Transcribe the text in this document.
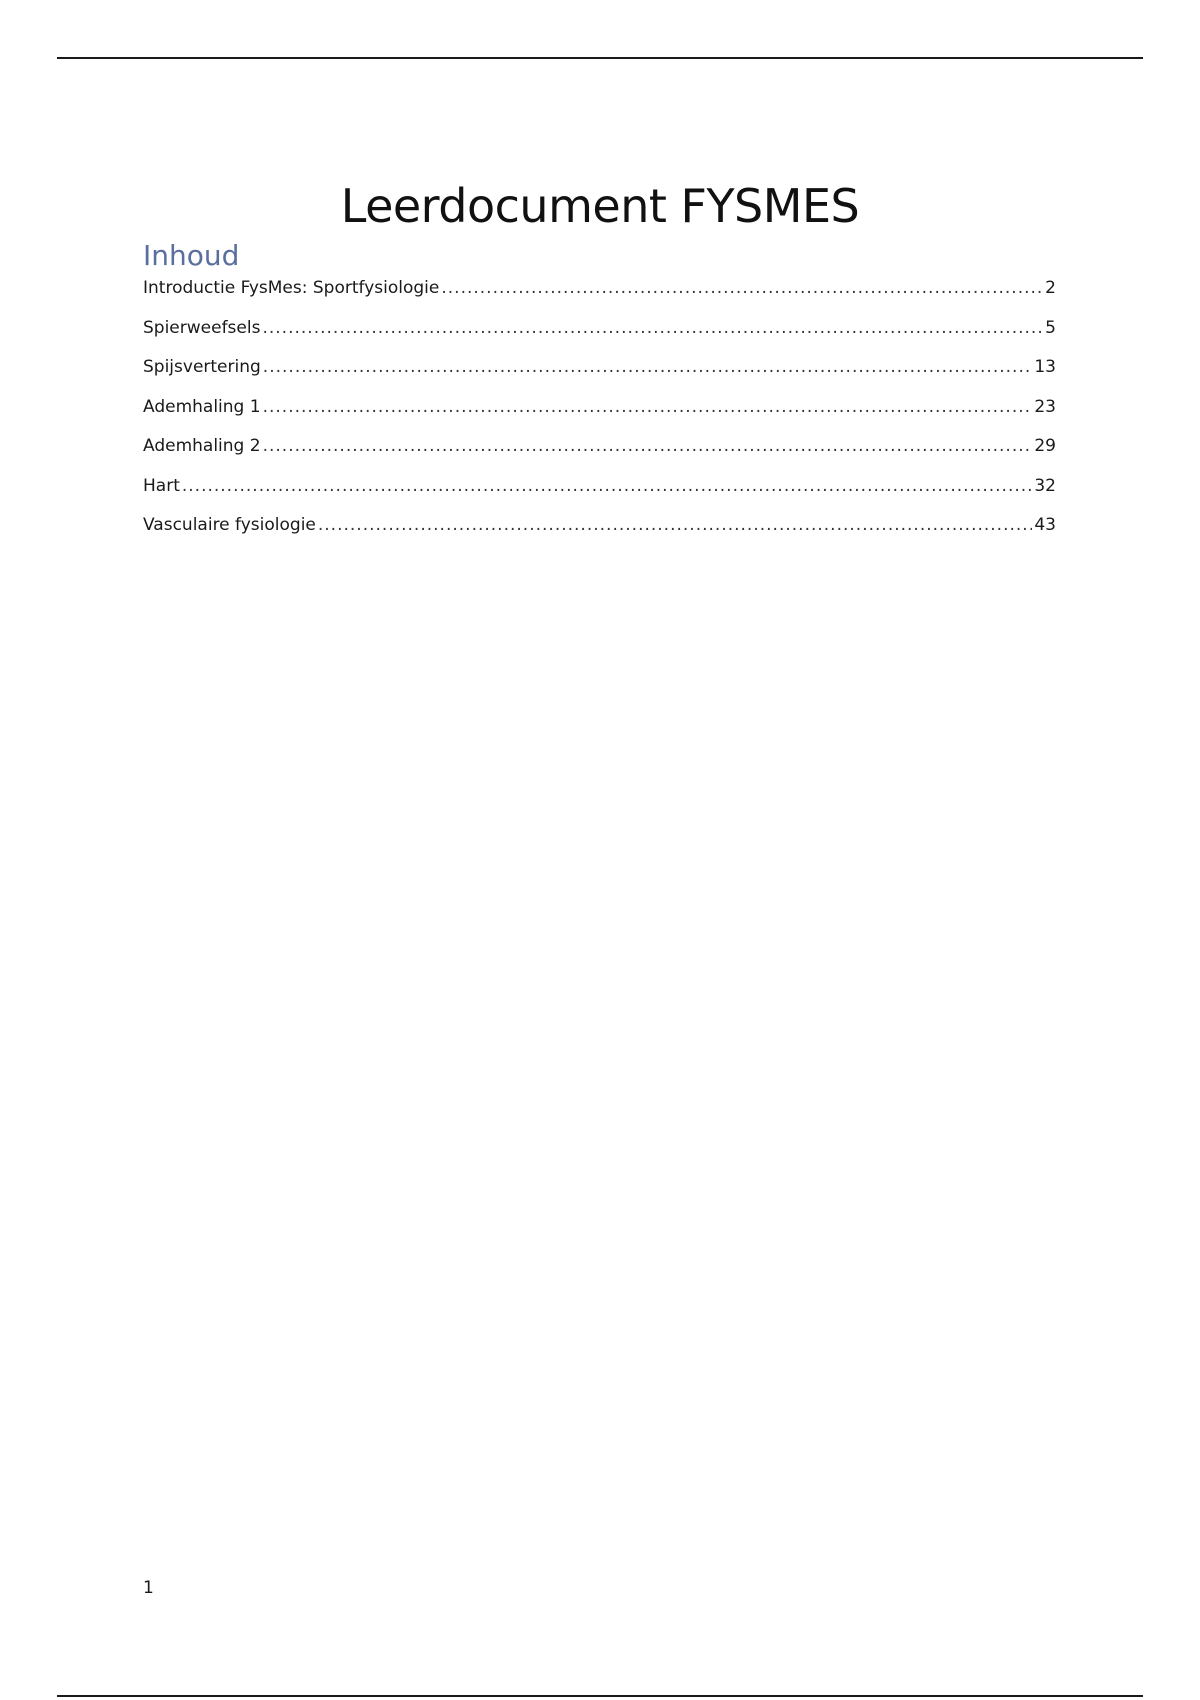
Leerdocument FYSMES
Inhoud
Introductie FysMes: Sportfysiologie .....	2
Spierweefsels .....	5
Spijsvertering .....	13
Ademhaling 1 .....	23
Ademhaling 2 .....	29
Hart .....	32
Vasculaire fysiologie .....	43
1
